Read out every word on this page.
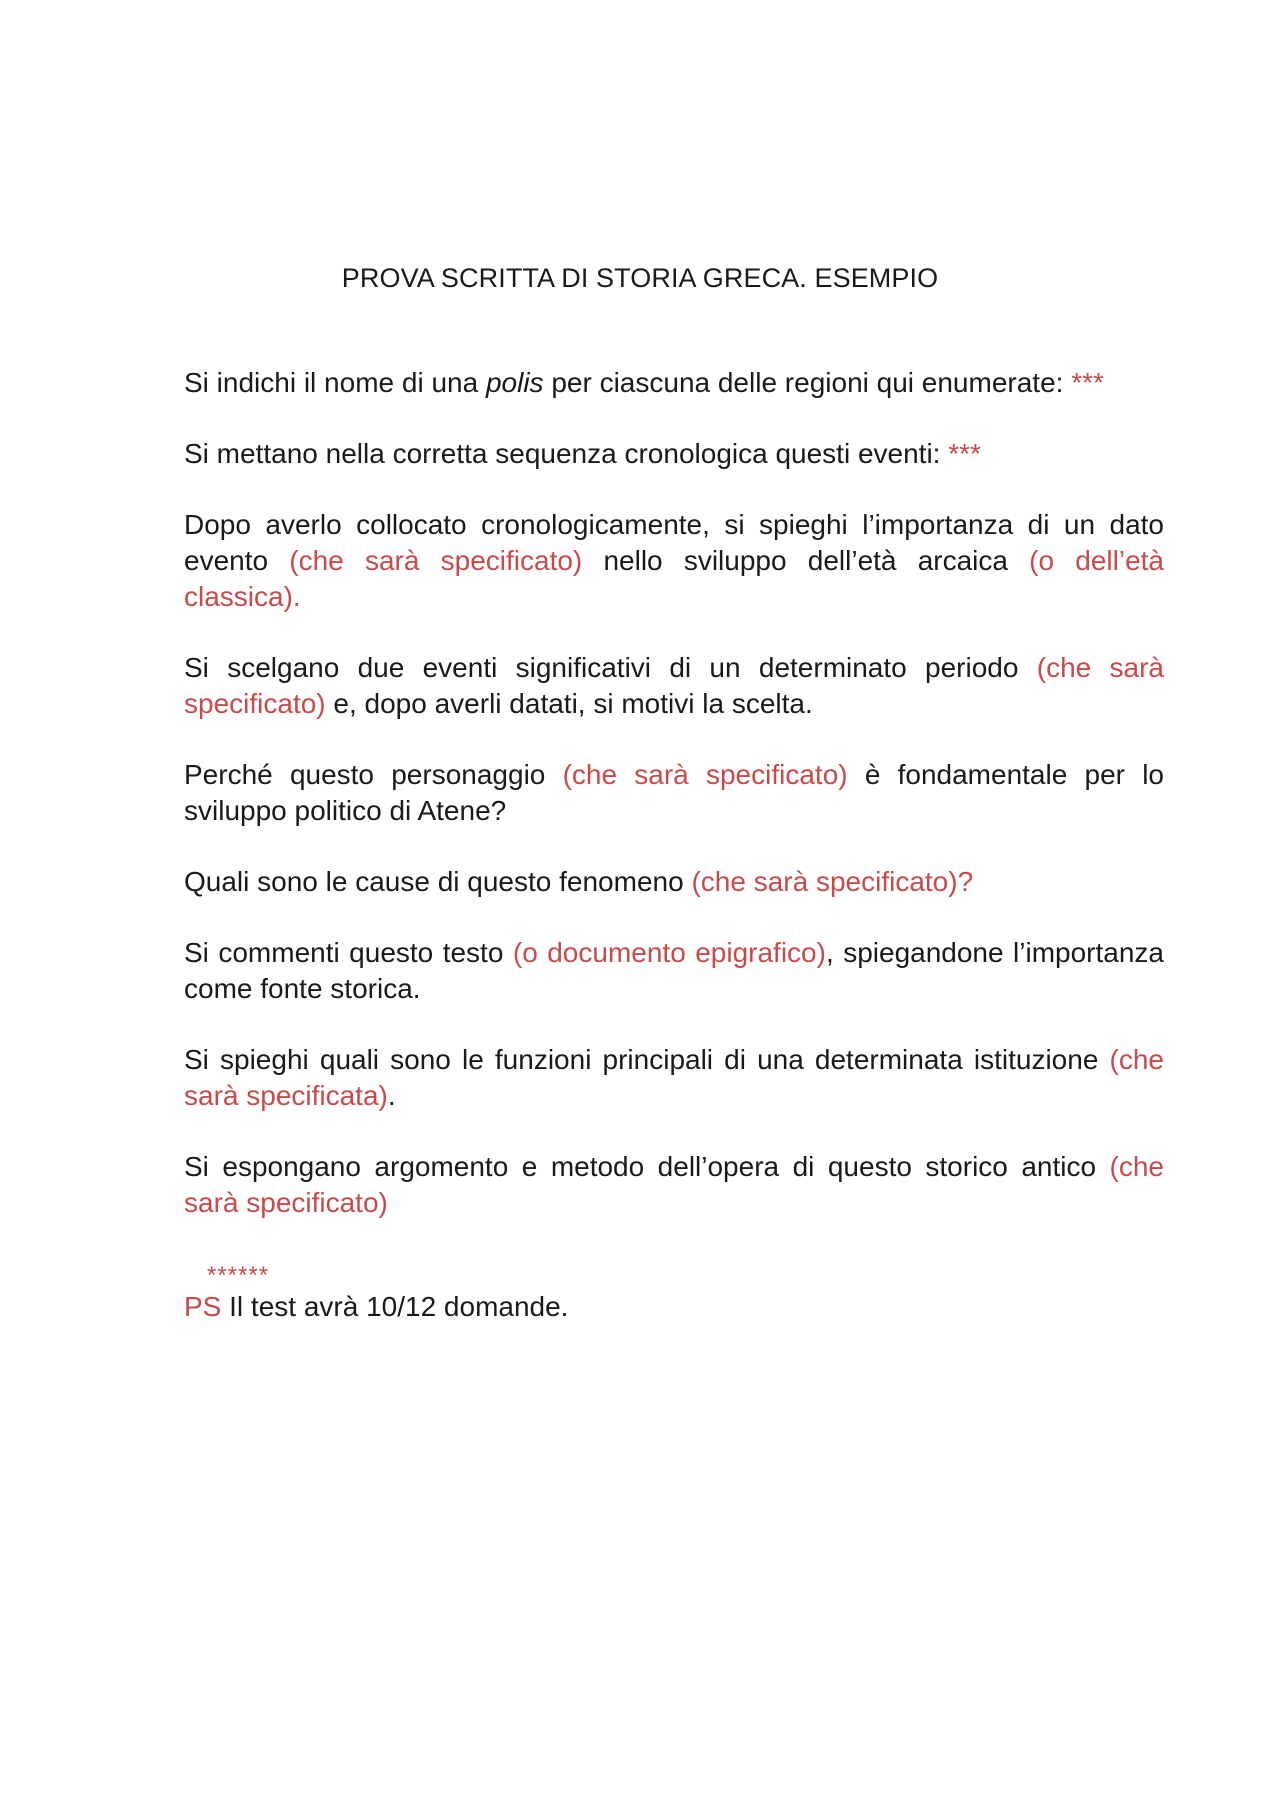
PROVA SCRITTA DI STORIA GRECA. ESEMPIO

Si indichi il nome di una polis per ciascuna delle regioni qui enumerate: ***

Si mettano nella corretta sequenza cronologica questi eventi: ***

Dopo averlo collocato cronologicamente, si spieghi l’importanza di un dato evento (che sarà specificato) nello sviluppo dell’età arcaica (o dell’età classica).

Si scelgano due eventi significativi di un determinato periodo (che sarà specificato) e, dopo averli datati, si motivi la scelta.

Perché questo personaggio (che sarà specificato) è fondamentale per lo sviluppo politico di Atene?

Quali sono le cause di questo fenomeno (che sarà specificato)?

Si commenti questo testo (o documento epigrafico), spiegandone l’importanza come fonte storica.

Si spieghi quali sono le funzioni principali di una determinata istituzione (che sarà specificata).

Si espongano argomento e metodo dell’opera di questo storico antico (che sarà specificato)

******

PS Il test avrà 10/12 domande.
